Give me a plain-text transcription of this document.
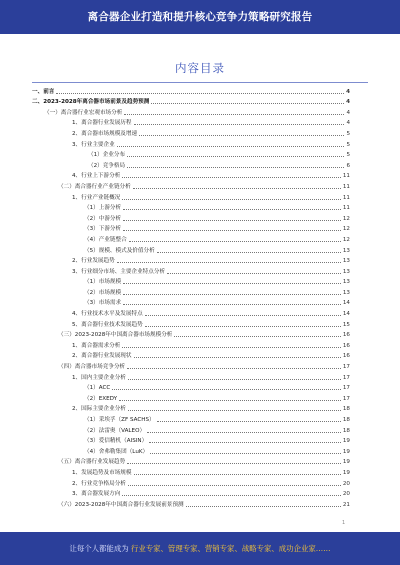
离合器企业打造和提升核心竞争力策略研究报告
内容目录
一、前言	4
二、2023-2028年离合器市场前景及趋势预测	4
（一）离合器行业宏观市场分析	4
1、离合器行业发展历程	4
2、离合器市场规模及增速	5
3、行业主要企业	5
（1）企业分布	5
（2）竞争格局	6
4、行业上下游分析	11
（二）离合器行业产业链分析	11
1、行业产业链概况	11
（1）上游分析	11
（2）中游分析	12
（3）下游分析	12
（4）产业链整合	12
（5）规模、模式及价值分析	13
2、行业发展趋势	13
3、行业细分市场、主要企业特点分析	13
（1）市场规模	13
（2）市场规模	13
（3）市场需求	14
4、行业技术水平及发展特点	14
5、离合器行业技术发展趋势	15
（三）2023-2028年中国离合器市场规模分析	16
1、离合器需求分析	16
2、离合器行业发展现状	16
（四）离合器市场竞争分析	17
1、国内主要企业分析	17
（1）ACC	17
（2）EXEDY	17
2、国际主要企业分析	18
（1）采埃孚（ZF SACHS）	18
（2）法雷奥（VALEO）	18
（3）爱信精机（AISIN）	19
（4）舍弗勒集团（LuK）	19
（五）离合器行业发展趋势	19
1、发展趋势及市场规模	19
2、行业竞争格局分析	20
3、离合器发展方向	20
（六）2023-2028年中国离合器行业发展前景预测	21
1
让每个人都能成为 行业专家、管理专家、营销专家、战略专家、成功企业家……
